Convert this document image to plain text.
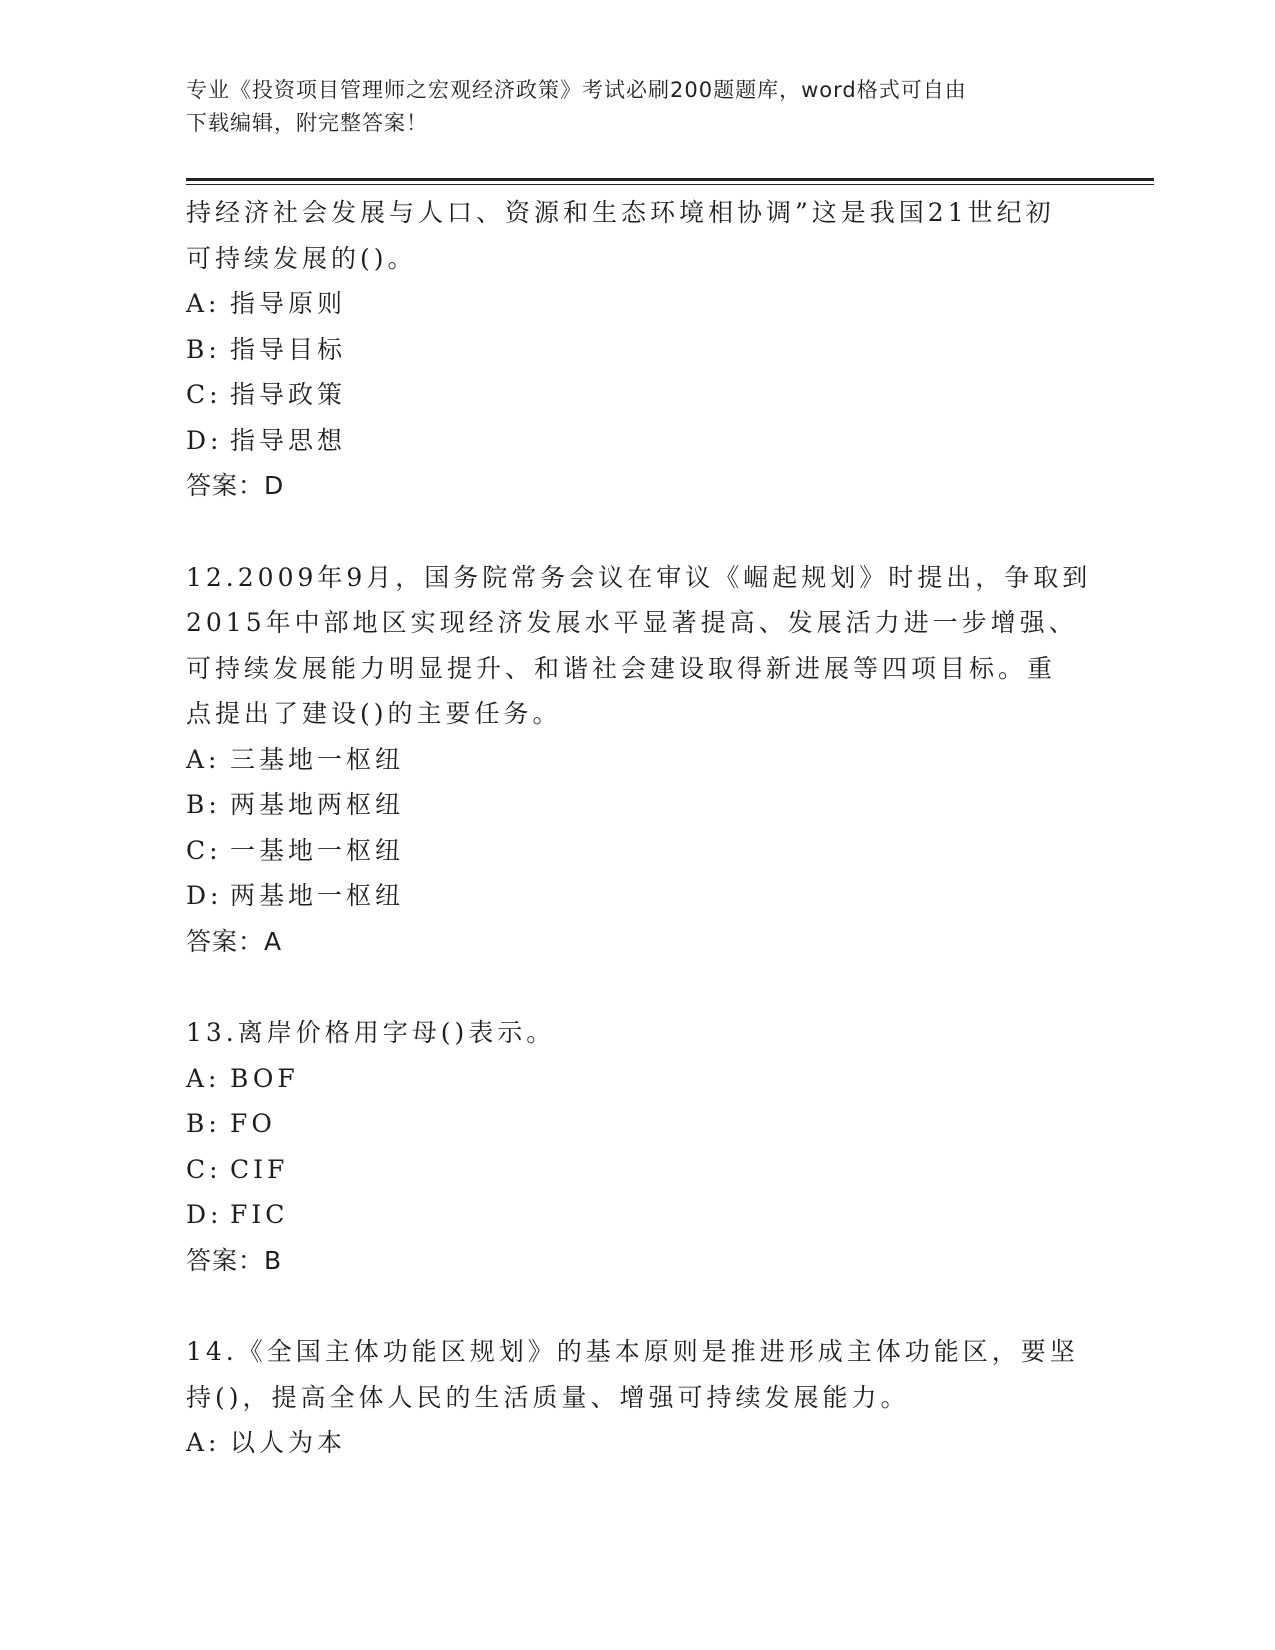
专业《投资项目管理师之宏观经济政策》考试必刷200题题库，word格式可自由
下载编辑，附完整答案！
持经济社会发展与人口、资源和生态环境相协调”这是我国21世纪初
可持续发展的()。
A: 指导原则
B: 指导目标
C: 指导政策
D: 指导思想
答案：D
12.2009年9月，国务院常务会议在审议《崛起规划》时提出，争取到
2015年中部地区实现经济发展水平显著提高、发展活力进一步增强、
可持续发展能力明显提升、和谐社会建设取得新进展等四项目标。重
点提出了建设()的主要任务。
A: 三基地一枢纽
B: 两基地两枢纽
C: 一基地一枢纽
D: 两基地一枢纽
答案：A
13.离岸价格用字母()表示。
A: BOF
B: FO
C: CIF
D: FIC
答案：B
14.《全国主体功能区规划》的基本原则是推进形成主体功能区，要坚
持()，提高全体人民的生活质量、增强可持续发展能力。
A: 以人为本
